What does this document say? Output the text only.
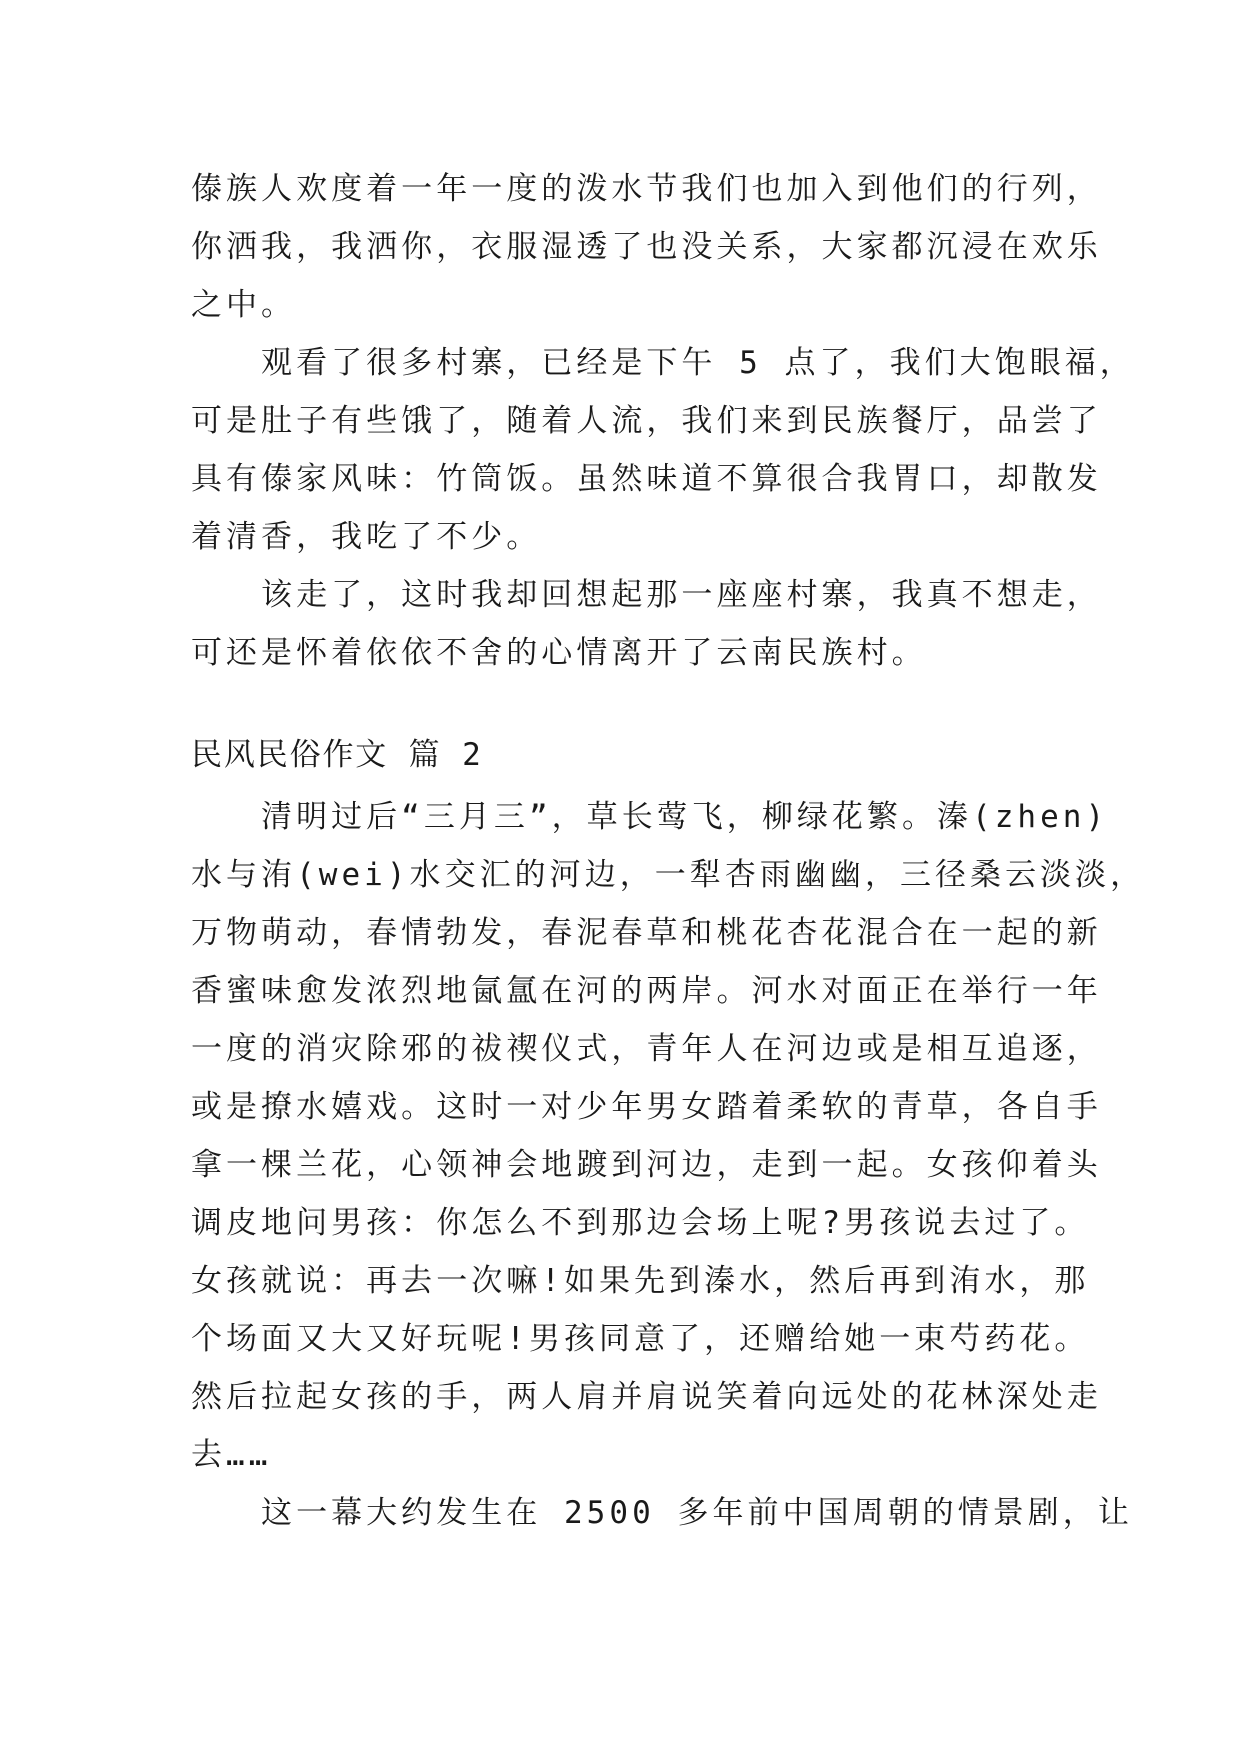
傣族人欢度着一年一度的泼水节我们也加入到他们的行列，
你洒我，我洒你，衣服湿透了也没关系，大家都沉浸在欢乐
之中。
　　观看了很多村寨，已经是下午 5 点了，我们大饱眼福，
可是肚子有些饿了，随着人流，我们来到民族餐厅，品尝了
具有傣家风味：竹筒饭。虽然味道不算很合我胃口，却散发
着清香，我吃了不少。
　　该走了，这时我却回想起那一座座村寨，我真不想走，
可还是怀着依依不舍的心情离开了云南民族村。
民风民俗作文 篇 2
　　清明过后“三月三”，草长莺飞，柳绿花繁。溱(zhen)
水与洧(wei)水交汇的河边，一犁杏雨幽幽，三径桑云淡淡，
万物萌动，春情勃发，春泥春草和桃花杏花混合在一起的新
香蜜味愈发浓烈地氤氲在河的两岸。河水对面正在举行一年
一度的消灾除邪的祓禊仪式，青年人在河边或是相互追逐，
或是撩水嬉戏。这时一对少年男女踏着柔软的青草，各自手
拿一棵兰花，心领神会地踱到河边，走到一起。女孩仰着头
调皮地问男孩：你怎么不到那边会场上呢?男孩说去过了。
女孩就说：再去一次嘛!如果先到溱水，然后再到洧水，那
个场面又大又好玩呢!男孩同意了，还赠给她一束芍药花。
然后拉起女孩的手，两人肩并肩说笑着向远处的花林深处走
去……
　　这一幕大约发生在 2500 多年前中国周朝的情景剧，让
